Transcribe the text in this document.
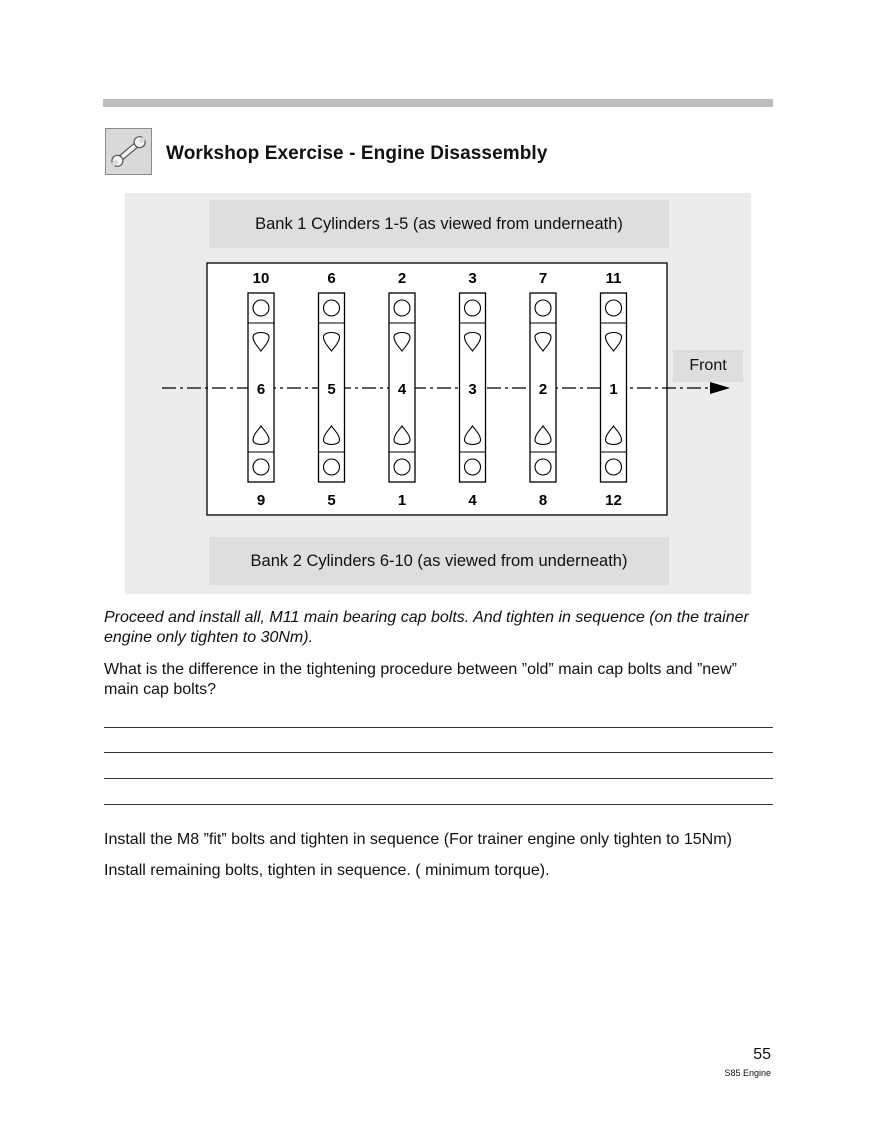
Workshop Exercise - Engine Disassembly
Bank 1 Cylinders 1-5 (as viewed from underneath)
Bank 2 Cylinders 6-10 (as viewed from underneath)
Front
10
6
9
6
5
5
2
4
1
3
3
4
7
2
8
11
1
12
Proceed and install all, M11 main bearing cap bolts. And tighten in sequence (on the trainer engine only tighten to 30Nm).
What is the difference in the tightening procedure between ”old” main cap bolts and ”new” main cap bolts?
Install the M8 ”fit” bolts and tighten in sequence (For trainer engine only tighten to 15Nm)
Install remaining bolts, tighten in sequence. ( minimum torque).
55
S85 Engine
